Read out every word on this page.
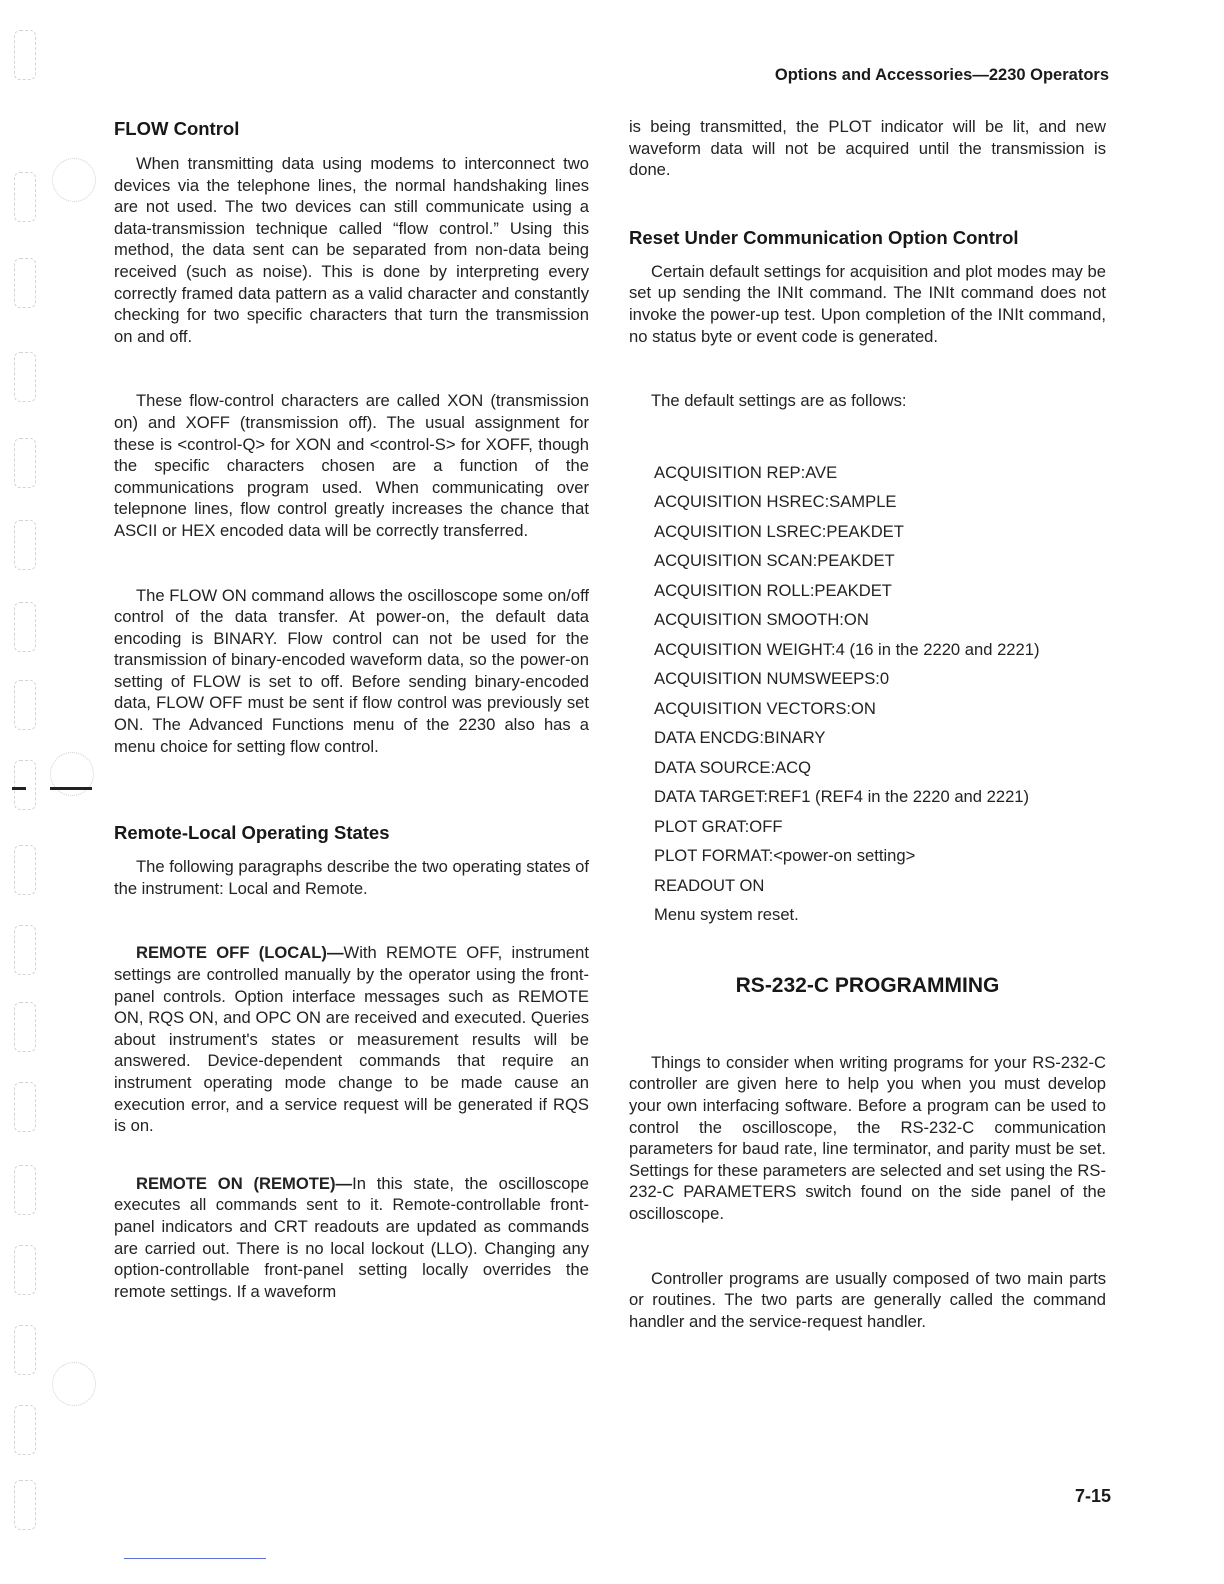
Options and Accessories—2230 Operators
FLOW Control

When transmitting data using modems to interconnect two devices via the telephone lines, the normal handshaking lines are not used. The two devices can still communicate using a data-transmission technique called “flow control.” Using this method, the data sent can be separated from non-data being received (such as noise). This is done by interpreting every correctly framed data pattern as a valid character and constantly checking for two specific characters that turn the transmission on and off.

These flow-control characters are called XON (transmission on) and XOFF (transmission off). The usual assignment for these is <control-Q> for XON and <control-S> for XOFF, though the specific characters chosen are a function of the communications program used. When communicating over telepnone lines, flow control greatly increases the chance that ASCII or HEX encoded data will be correctly transferred.

The FLOW ON command allows the oscilloscope some on/off control of the data transfer. At power-on, the default data encoding is BINARY. Flow control can not be used for the transmission of binary-encoded waveform data, so the power-on setting of FLOW is set to off. Before sending binary-encoded data, FLOW OFF must be sent if flow control was previously set ON. The Advanced Functions menu of the 2230 also has a menu choice for setting flow control.

Remote-Local Operating States

The following paragraphs describe the two operating states of the instrument: Local and Remote.

REMOTE OFF (LOCAL)—With REMOTE OFF, instrument settings are controlled manually by the operator using the front-panel controls. Option interface messages such as REMOTE ON, RQS ON, and OPC ON are received and executed. Queries about instrument's states or measurement results will be answered. Device-dependent commands that require an instrument operating mode change to be made cause an execution error, and a service request will be generated if RQS is on.

REMOTE ON (REMOTE)—In this state, the oscilloscope executes all commands sent to it. Remote-controllable front-panel indicators and CRT readouts are updated as commands are carried out. There is no local lockout (LLO). Changing any option-controllable front-panel setting locally overrides the remote settings. If a waveform

is being transmitted, the PLOT indicator will be lit, and new waveform data will not be acquired until the transmission is done.

Reset Under Communication Option Control

Certain default settings for acquisition and plot modes may be set up sending the INIt command. The INIt command does not invoke the power-up test. Upon completion of the INIt command, no status byte or event code is generated.

The default settings are as follows:

ACQUISITION REP:AVE
ACQUISITION HSREC:SAMPLE
ACQUISITION LSREC:PEAKDET
ACQUISITION SCAN:PEAKDET
ACQUISITION ROLL:PEAKDET
ACQUISITION SMOOTH:ON
ACQUISITION WEIGHT:4 (16 in the 2220 and 2221)
ACQUISITION NUMSWEEPS:0
ACQUISITION VECTORS:ON
DATA ENCDG:BINARY
DATA SOURCE:ACQ
DATA TARGET:REF1 (REF4 in the 2220 and 2221)
PLOT GRAT:OFF
PLOT FORMAT:<power-on setting>
READOUT ON
Menu system reset.
RS-232-C PROGRAMMING

Things to consider when writing programs for your RS-232-C controller are given here to help you when you must develop your own interfacing software. Before a program can be used to control the oscilloscope, the RS-232-C communication parameters for baud rate, line terminator, and parity must be set. Settings for these parameters are selected and set using the RS-232-C PARAMETERS switch found on the side panel of the oscilloscope.

Controller programs are usually composed of two main parts or routines. The two parts are generally called the command handler and the service-request handler.

7-15
